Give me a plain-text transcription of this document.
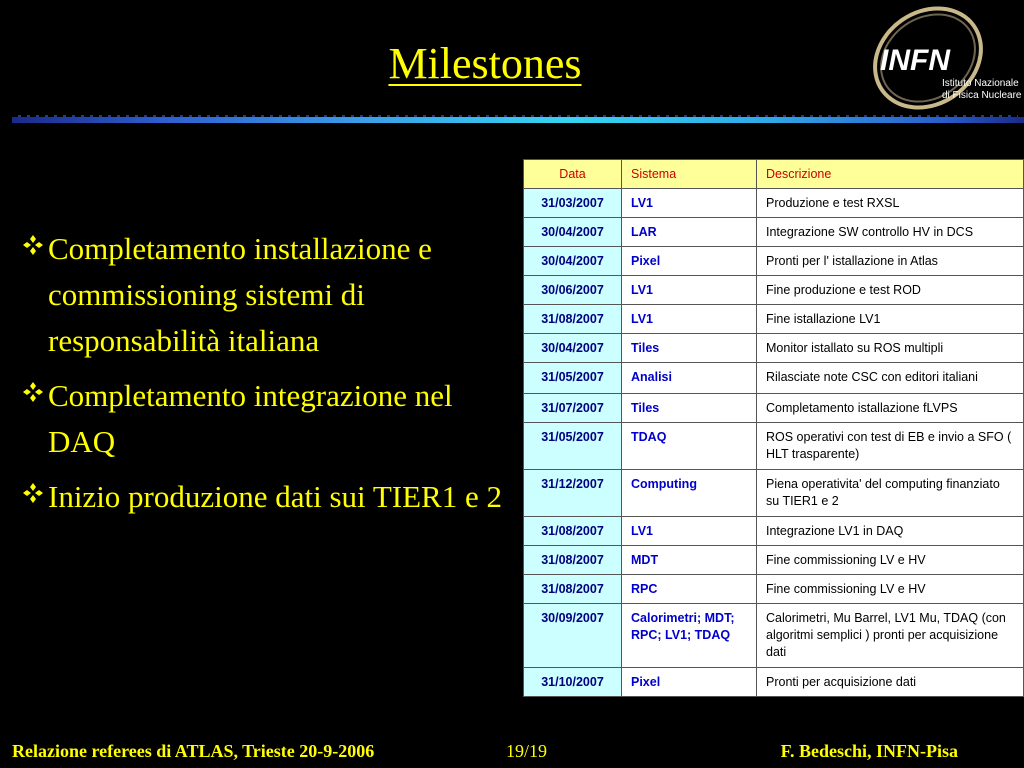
Milestones	INFN
Istituto Nazionale
di Fisica Nucleare
Completamento installazione e commissioning sistemi di responsabilità italiana
Completamento integrazione nel DAQ
Inizio produzione dati sui TIER1 e 2
Data	Sistema	Descrizione
31/03/2007	LV1	Produzione e test RXSL
30/04/2007	LAR	Integrazione SW controllo HV in DCS
30/04/2007	Pixel	Pronti per l' istallazione in Atlas
30/06/2007	LV1	Fine produzione e test ROD
31/08/2007	LV1	Fine istallazione LV1
30/04/2007	Tiles	Monitor istallato su ROS multipli
31/05/2007	Analisi	Rilasciate note CSC con editori italiani
31/07/2007	Tiles	Completamento istallazione fLVPS
31/05/2007	TDAQ	ROS operativi con test di EB e invio a SFO ( HLT trasparente)
31/12/2007	Computing	Piena operativita' del computing finanziato su TIER1 e 2
31/08/2007	LV1	Integrazione LV1 in DAQ
31/08/2007	MDT	Fine commissioning LV e HV
31/08/2007	RPC	Fine commissioning LV e HV
30/09/2007	Calorimetri; MDT; RPC; LV1; TDAQ	Calorimetri, Mu Barrel, LV1 Mu, TDAQ (con algoritmi semplici ) pronti per acquisizione dati
31/10/2007	Pixel	Pronti per acquisizione dati
Relazione referees di ATLAS, Trieste 20-9-2006	19/19	F. Bedeschi, INFN-Pisa
